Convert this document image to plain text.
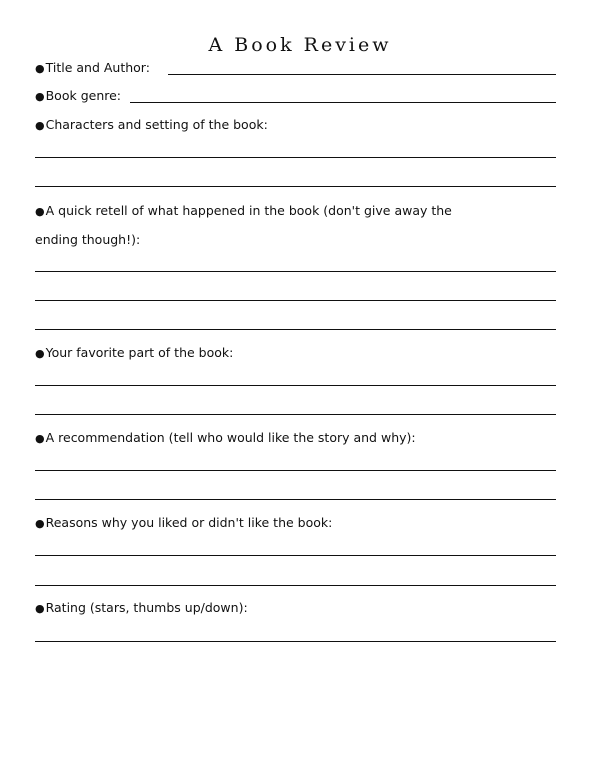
A Book Review
●Title and Author:
●Book genre:
●Characters and setting of the book:
●A quick retell of what happened in the book (don't give away the
ending though!):
●Your favorite part of the book:
●A recommendation (tell who would like the story and why):
●Reasons why you liked or didn't like the book:
●Rating (stars, thumbs up/down):
